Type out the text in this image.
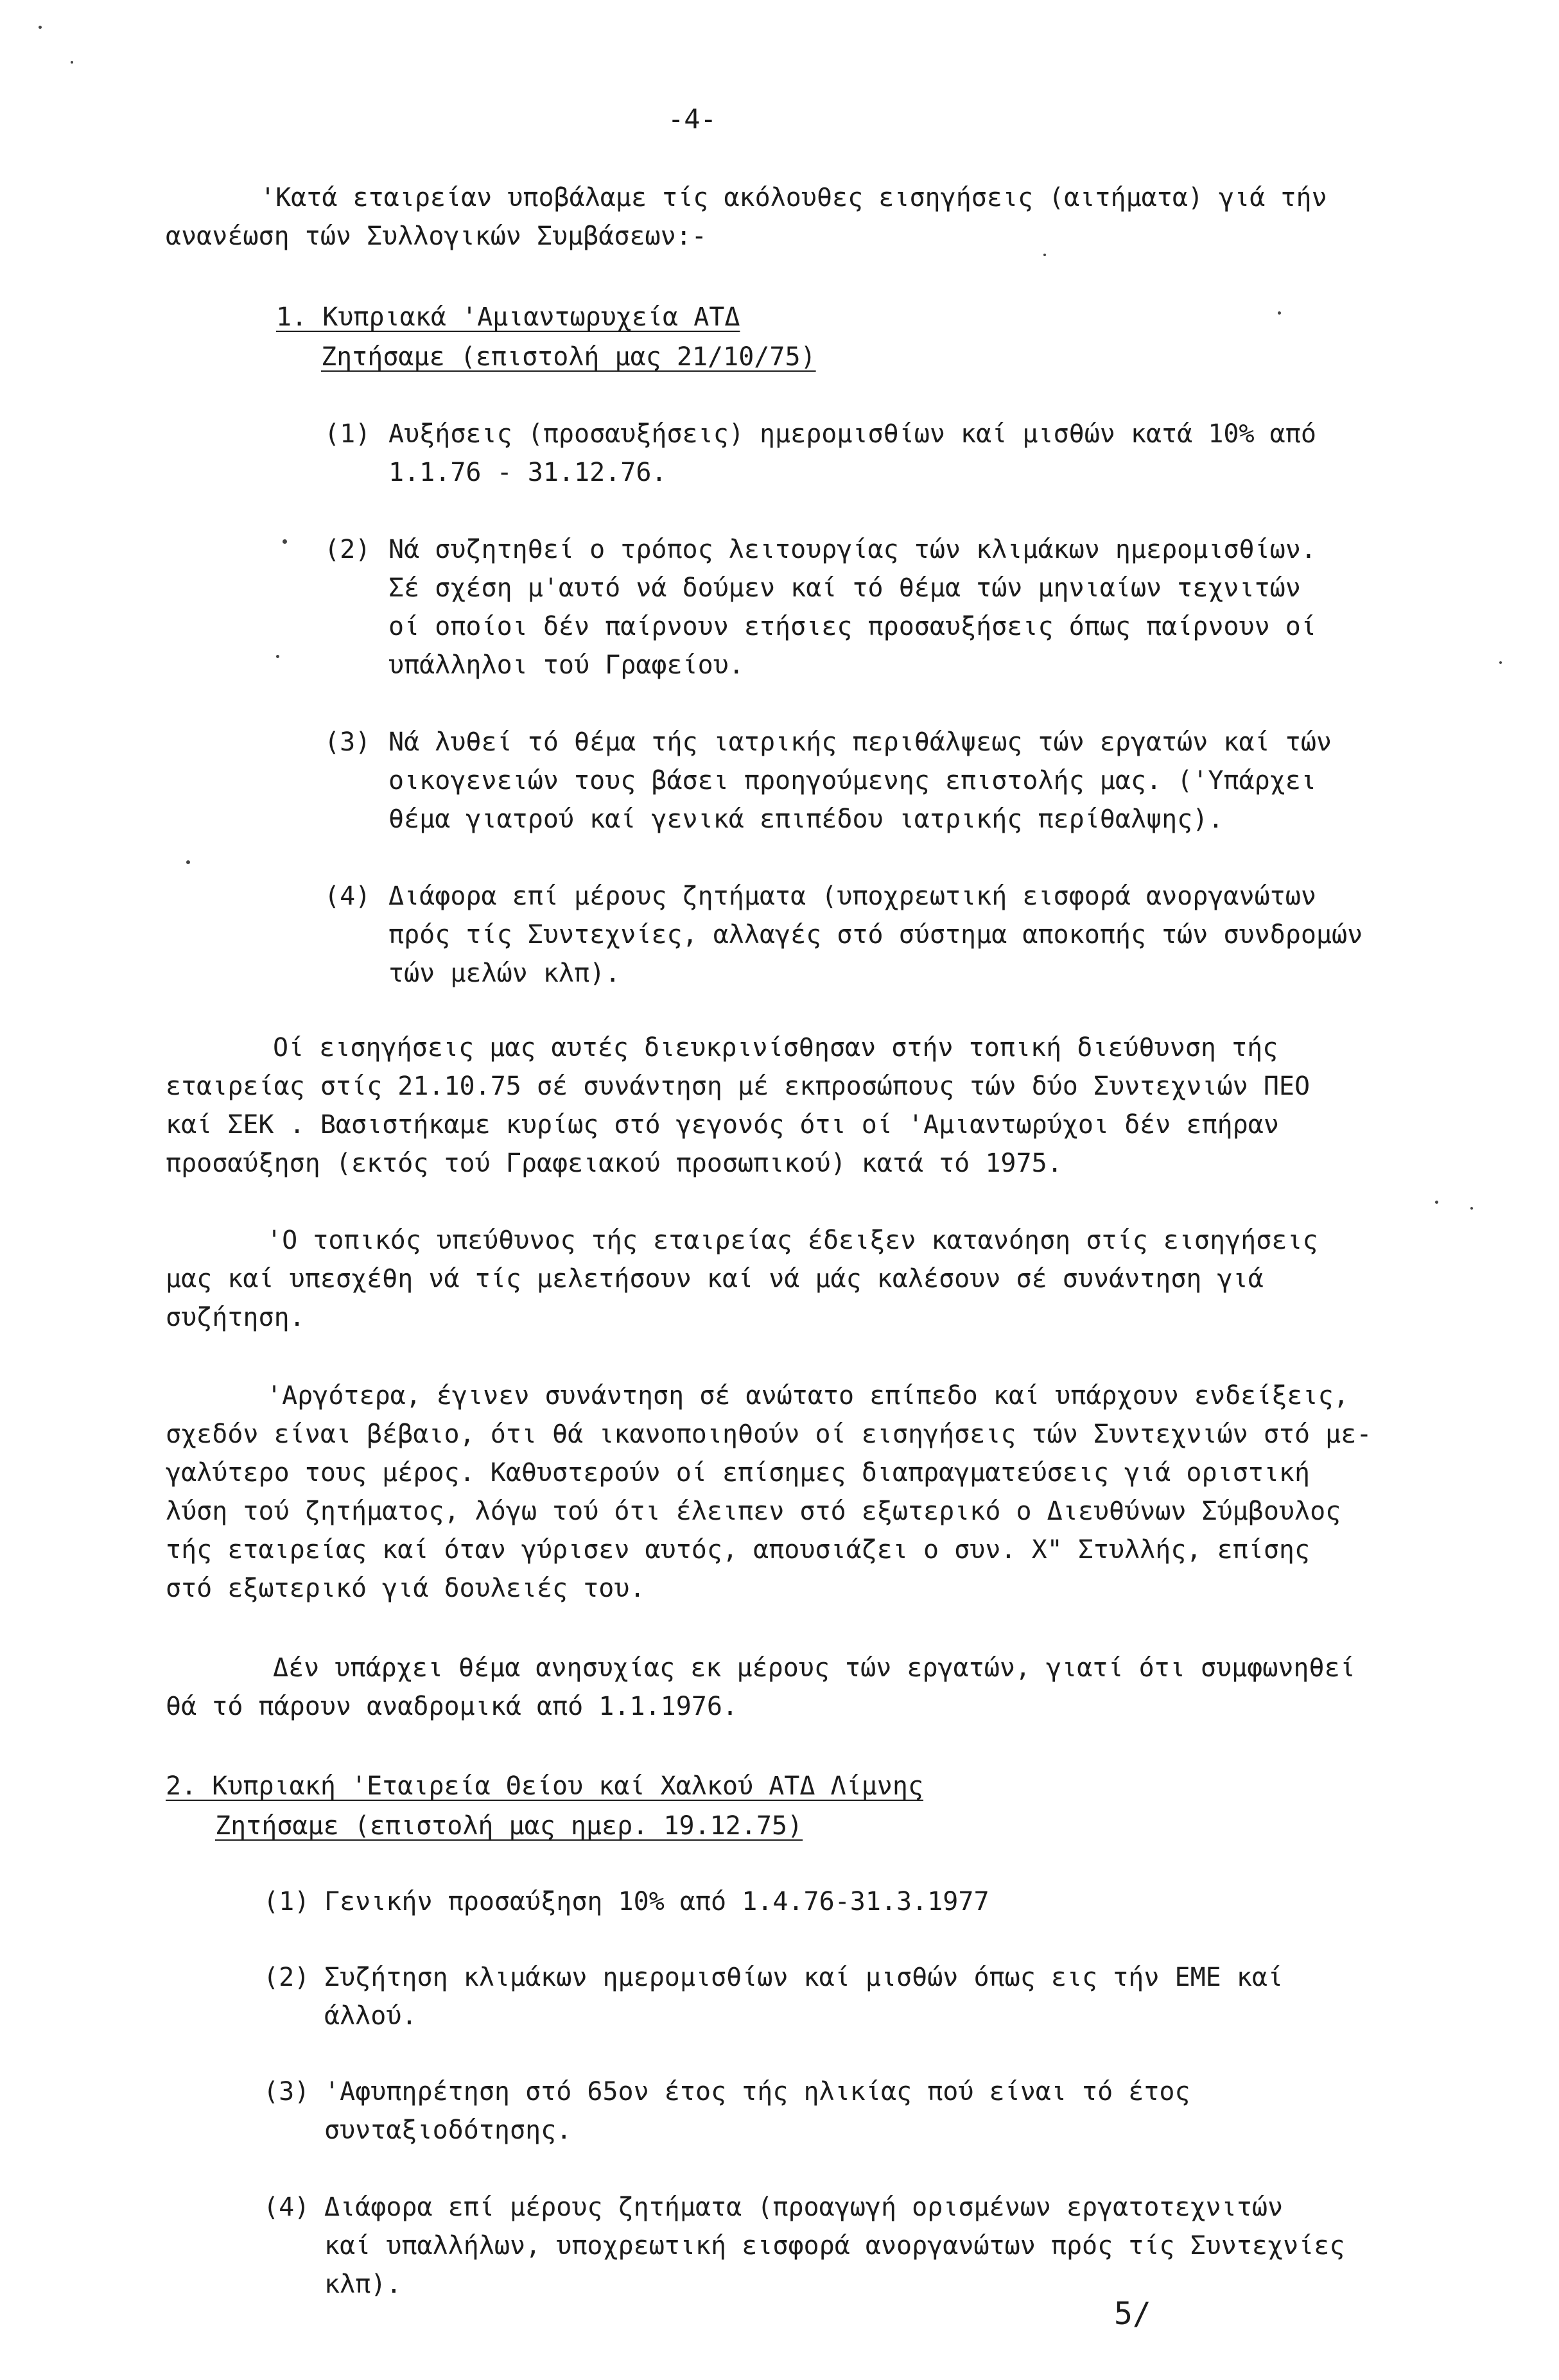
-4-
'Κατά εταιρείαν υποβάλαμε τίς ακόλουθες εισηγήσεις (αιτήματα) γιά τήν
ανανέωση τών Συλλογικών Συμβάσεων:-
1. Κυπριακά 'Αμιαντωρυχεία ΑΤΔ
Ζητήσαμε (επιστολή μας 21/10/75)
(1) Αυξήσεις (προσαυξήσεις) ημερομισθίων καί μισθών κατά 10% από
1.1.76 - 31.12.76.
(2) Νά συζητηθεί ο τρόπος λειτουργίας τών κλιμάκων ημερομισθίων.
Σέ σχέση μ'αυτό νά δούμεν καί τό θέμα τών μηνιαίων τεχνιτών
οί οποίοι δέν παίρνουν ετήσιες προσαυξήσεις όπως παίρνουν οί
υπάλληλοι τού Γραφείου.
(3) Νά λυθεί τό θέμα τής ιατρικής περιθάλψεως τών εργατών καί τών
οικογενειών τους βάσει προηγούμενης επιστολής μας. ('Υπάρχει
θέμα γιατρού καί γενικά επιπέδου ιατρικής περίθαλψης).
(4) Διάφορα επί μέρους ζητήματα (υποχρεωτική εισφορά ανοργανώτων
πρός τίς Συντεχνίες, αλλαγές στό σύστημα αποκοπής τών συνδρομών
τών μελών κλπ).
Οί εισηγήσεις μας αυτές διευκρινίσθησαν στήν τοπική διεύθυνση τής
εταιρείας στίς 21.10.75 σέ συνάντηση μέ εκπροσώπους τών δύο Συντεχνιών ΠΕΟ
καί ΣΕΚ . Βασιστήκαμε κυρίως στό γεγονός ότι οί 'Αμιαντωρύχοι δέν επήραν
προσαύξηση (εκτός τού Γραφειακού προσωπικού) κατά τό 1975.
'Ο τοπικός υπεύθυνος τής εταιρείας έδειξεν κατανόηση στίς εισηγήσεις
μας καί υπεσχέθη νά τίς μελετήσουν καί νά μάς καλέσουν σέ συνάντηση γιά
συζήτηση.
'Αργότερα, έγινεν συνάντηση σέ ανώτατο επίπεδο καί υπάρχουν ενδείξεις,
σχεδόν είναι βέβαιο, ότι θά ικανοποιηθούν οί εισηγήσεις τών Συντεχνιών στό με-
γαλύτερο τους μέρος. Καθυστερούν οί επίσημες διαπραγματεύσεις γιά οριστική
λύση τού ζητήματος, λόγω τού ότι έλειπεν στό εξωτερικό ο Διευθύνων Σύμβουλος
τής εταιρείας καί όταν γύρισεν αυτός, απουσιάζει ο συν. Χ" Στυλλής, επίσης
στό εξωτερικό γιά δουλειές του.
Δέν υπάρχει θέμα ανησυχίας εκ μέρους τών εργατών, γιατί ότι συμφωνηθεί
θά τό πάρουν αναδρομικά από 1.1.1976.
2. Κυπριακή 'Εταιρεία Θείου καί Χαλκού ΑΤΔ Λίμνης
Ζητήσαμε (επιστολή μας ημερ. 19.12.75)
(1) Γενικήν προσαύξηση 10% από 1.4.76-31.3.1977
(2) Συζήτηση κλιμάκων ημερομισθίων καί μισθών όπως εις τήν ΕΜΕ καί
άλλού.
(3) 'Αφυπηρέτηση στό 65ον έτος τής ηλικίας πού είναι τό έτος
συνταξιοδότησης.
(4) Διάφορα επί μέρους ζητήματα (προαγωγή ορισμένων εργατοτεχνιτών
καί υπαλλήλων, υποχρεωτική εισφορά ανοργανώτων πρός τίς Συντεχνίες
κλπ).
5/
